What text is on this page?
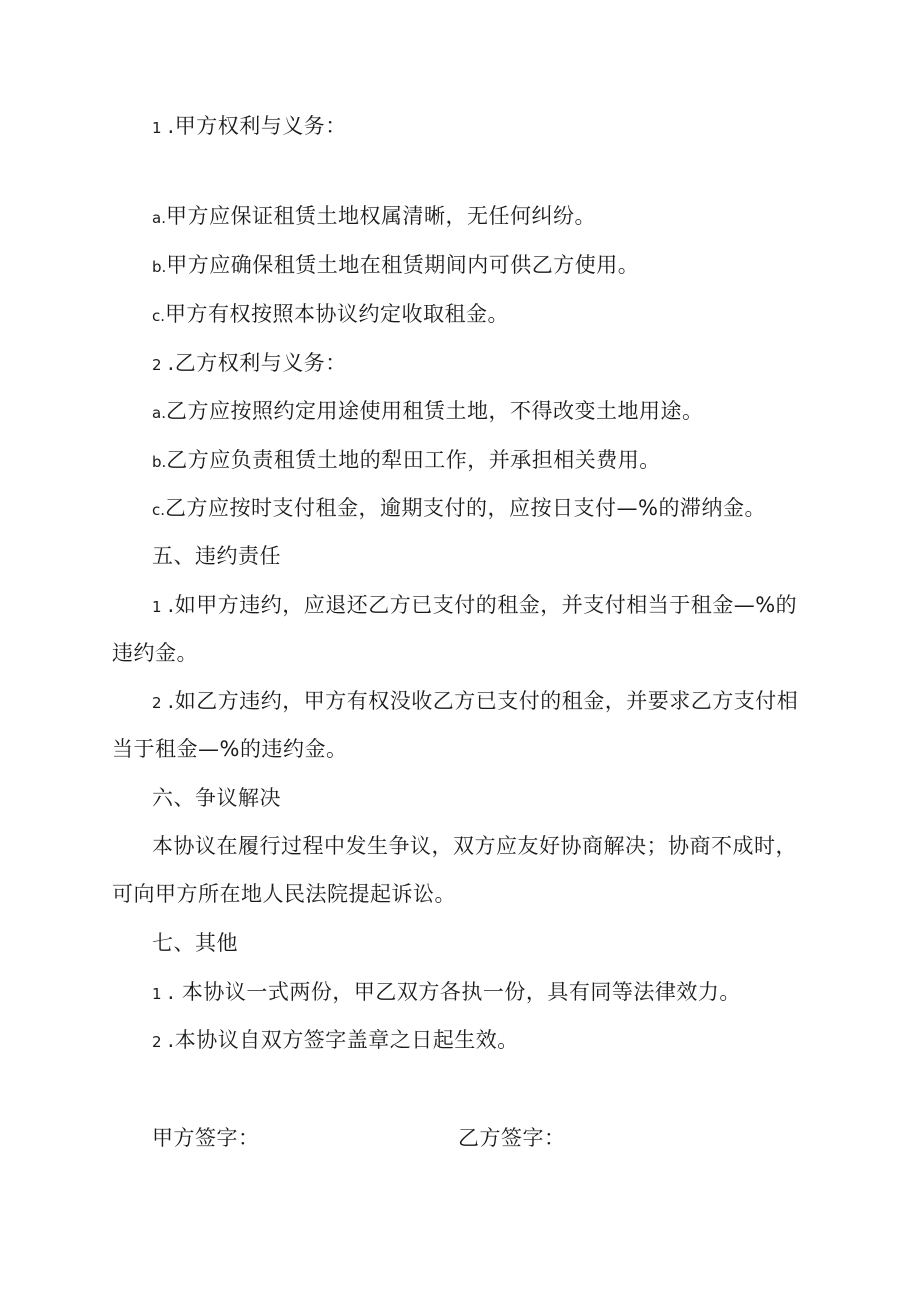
1 .甲方权利与义务：
a.甲方应保证租赁土地权属清晰，无任何纠纷。
b.甲方应确保租赁土地在租赁期间内可供乙方使用。
c.甲方有权按照本协议约定收取租金。
2 .乙方权利与义务：
a.乙方应按照约定用途使用租赁土地，不得改变土地用途。
b.乙方应负责租赁土地的犁田工作，并承担相关费用。
c.乙方应按时支付租金，逾期支付的，应按日支付—%的滞纳金。
五、违约责任
1 .如甲方违约，应退还乙方已支付的租金，并支付相当于租金—%的
违约金。
2 .如乙方违约，甲方有权没收乙方已支付的租金，并要求乙方支付相
当于租金—%的违约金。
六、争议解决
本协议在履行过程中发生争议，双方应友好协商解决；协商不成时，
可向甲方所在地人民法院提起诉讼。
七、其他
1 . 本协议一式两份，甲乙双方各执一份，具有同等法律效力。
2 .本协议自双方签字盖章之日起生效。
甲方签字：	乙方签字：
